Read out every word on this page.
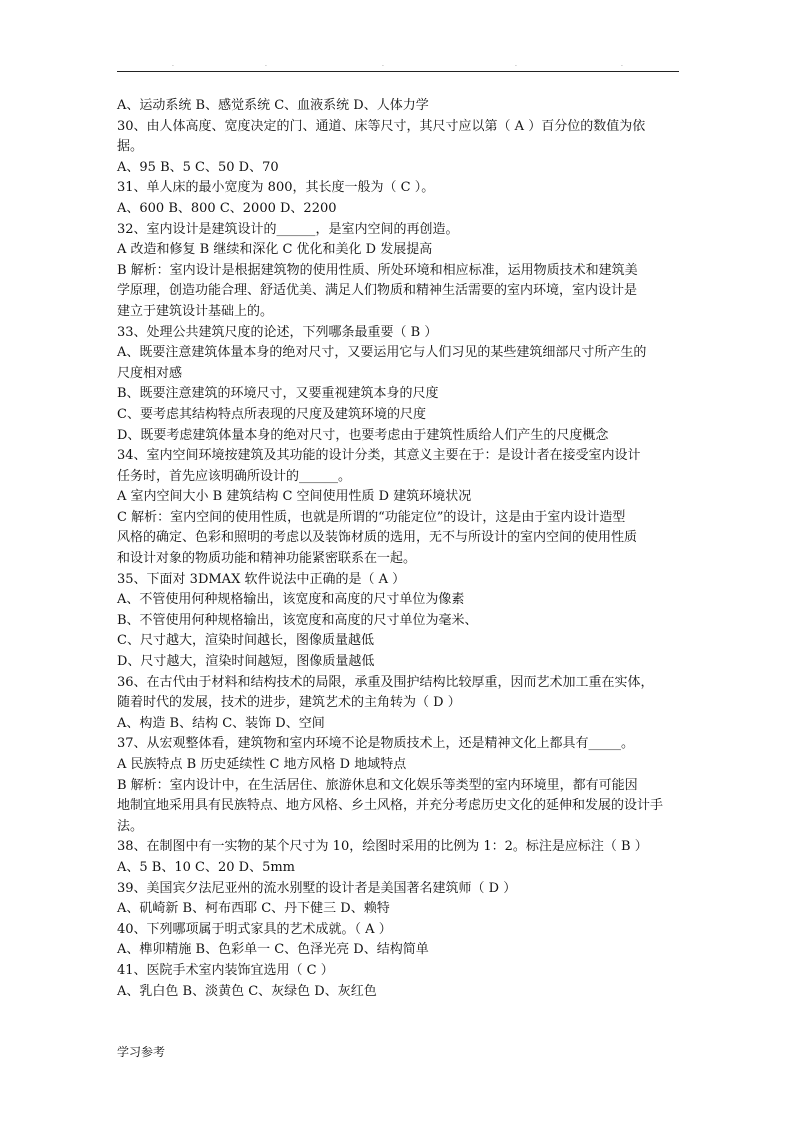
.	.	.	.	.
A、运动系统 B、感觉系统 C、血液系统 D、人体力学
30、由人体高度、宽度决定的门、通道、床等尺寸，其尺寸应以第（ A ）百分位的数值为依
据。
A、95 B、5 C、50 D、70
31、单人床的最小宽度为 800，其长度一般为（ C ）。
A、600 B、800 C、2000 D、2200
32、室内设计是建筑设计的______，是室内空间的再创造。
A 改造和修复 B 继续和深化 C 优化和美化 D 发展提高
B 解析：室内设计是根据建筑物的使用性质、所处环境和相应标准，运用物质技术和建筑美
学原理，创造功能合理、舒适优美、满足人们物质和精神生活需要的室内环境，室内设计是
建立于建筑设计基础上的。
33、处理公共建筑尺度的论述，下列哪条最重要（ B ）
A、既要注意建筑体量本身的绝对尺寸，又要运用它与人们习见的某些建筑细部尺寸所产生的
尺度相对感
B、既要注意建筑的环境尺寸，又要重视建筑本身的尺度
C、要考虑其结构特点所表现的尺度及建筑环境的尺度
D、既要考虑建筑体量本身的绝对尺寸，也要考虑由于建筑性质给人们产生的尺度概念
34、室内空间环境按建筑及其功能的设计分类，其意义主要在于：是设计者在接受室内设计
任务时，首先应该明确所设计的______。
A 室内空间大小 B 建筑结构 C 空间使用性质 D 建筑环境状况
C 解析：室内空间的使用性质，也就是所谓的“功能定位”的设计，这是由于室内设计造型
风格的确定、色彩和照明的考虑以及装饰材质的选用，无不与所设计的室内空间的使用性质
和设计对象的物质功能和精神功能紧密联系在一起。
35、下面对 3DMAX 软件说法中正确的是（ A ）
A、不管使用何种规格输出，该宽度和高度的尺寸单位为像素
B、不管使用何种规格输出，该宽度和高度的尺寸单位为毫米、
C、尺寸越大，渲染时间越长，图像质量越低
D、尺寸越大，渲染时间越短，图像质量越低
36、在古代由于材料和结构技术的局限，承重及围护结构比较厚重，因而艺术加工重在实体，
随着时代的发展，技术的进步，建筑艺术的主角转为（ D ）
A、构造 B、结构 C、装饰 D、空间
37、从宏观整体看，建筑物和室内环境不论是物质技术上，还是精神文化上都具有_____。
A 民族特点 B 历史延续性 C 地方风格 D 地域特点
B 解析：室内设计中，在生活居住、旅游休息和文化娱乐等类型的室内环境里，都有可能因
地制宜地采用具有民族特点、地方风格、乡土风格，并充分考虑历史文化的延伸和发展的设计手
法。
38、在制图中有一实物的某个尺寸为 10，绘图时采用的比例为 1：2。标注是应标注（ B ）
A、5 B、10 C、20 D、5mm
39、美国宾夕法尼亚州的流水别墅的设计者是美国著名建筑师（ D ）
A、矶崎新 B、柯布西耶 C、丹下健三 D、赖特
40、下列哪项属于明式家具的艺术成就。（ A ）
A、榫卯精施 B、色彩单一 C、色泽光亮 D、结构简单
41、医院手术室内装饰宜选用（ C ）
A、乳白色 B、淡黄色 C、灰绿色 D、灰红色
学习参考
